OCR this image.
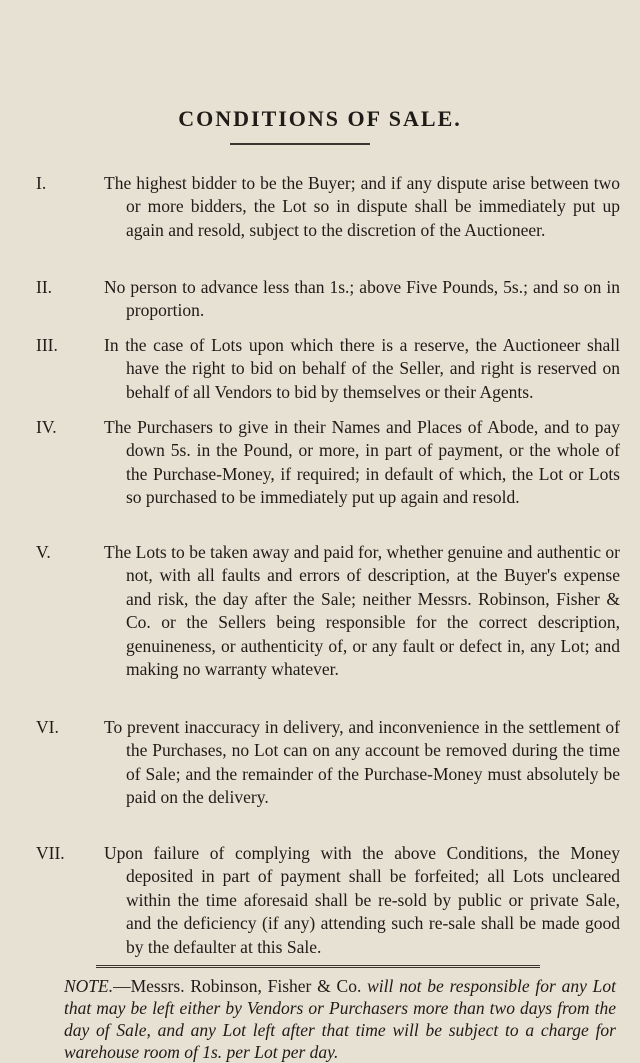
CONDITIONS OF SALE.
I.	The highest bidder to be the Buyer; and if any dispute arise between two or more bidders, the Lot so in dispute shall be immediately put up again and resold, subject to the discretion of the Auctioneer.
II.	No person to advance less than 1s.; above Five Pounds, 5s.; and so on in proportion.
III.	In the case of Lots upon which there is a reserve, the Auctioneer shall have the right to bid on behalf of the Seller, and right is reserved on behalf of all Vendors to bid by themselves or their Agents.
IV.	The Purchasers to give in their Names and Places of Abode, and to pay down 5s. in the Pound, or more, in part of payment, or the whole of the Purchase-Money, if required; in default of which, the Lot or Lots so purchased to be immediately put up again and resold.
V.	The Lots to be taken away and paid for, whether genuine and authentic or not, with all faults and errors of description, at the Buyer's expense and risk, the day after the Sale; neither Messrs. Robinson, Fisher & Co. or the Sellers being responsible for the correct description, genuineness, or authenticity of, or any fault or defect in, any Lot; and making no warranty whatever.
VI.	To prevent inaccuracy in delivery, and inconvenience in the settlement of the Purchases, no Lot can on any account be removed during the time of Sale; and the remainder of the Purchase-Money must absolutely be paid on the delivery.
VII.	Upon failure of complying with the above Conditions, the Money deposited in part of payment shall be forfeited; all Lots uncleared within the time aforesaid shall be re-sold by public or private Sale, and the deficiency (if any) attending such re-sale shall be made good by the defaulter at this Sale.
NOTE.—Messrs. Robinson, Fisher & Co. will not be responsible for any Lot that may be left either by Vendors or Purchasers more than two days from the day of Sale, and any Lot left after that time will be subject to a charge for warehouse room of 1s. per Lot per day.
